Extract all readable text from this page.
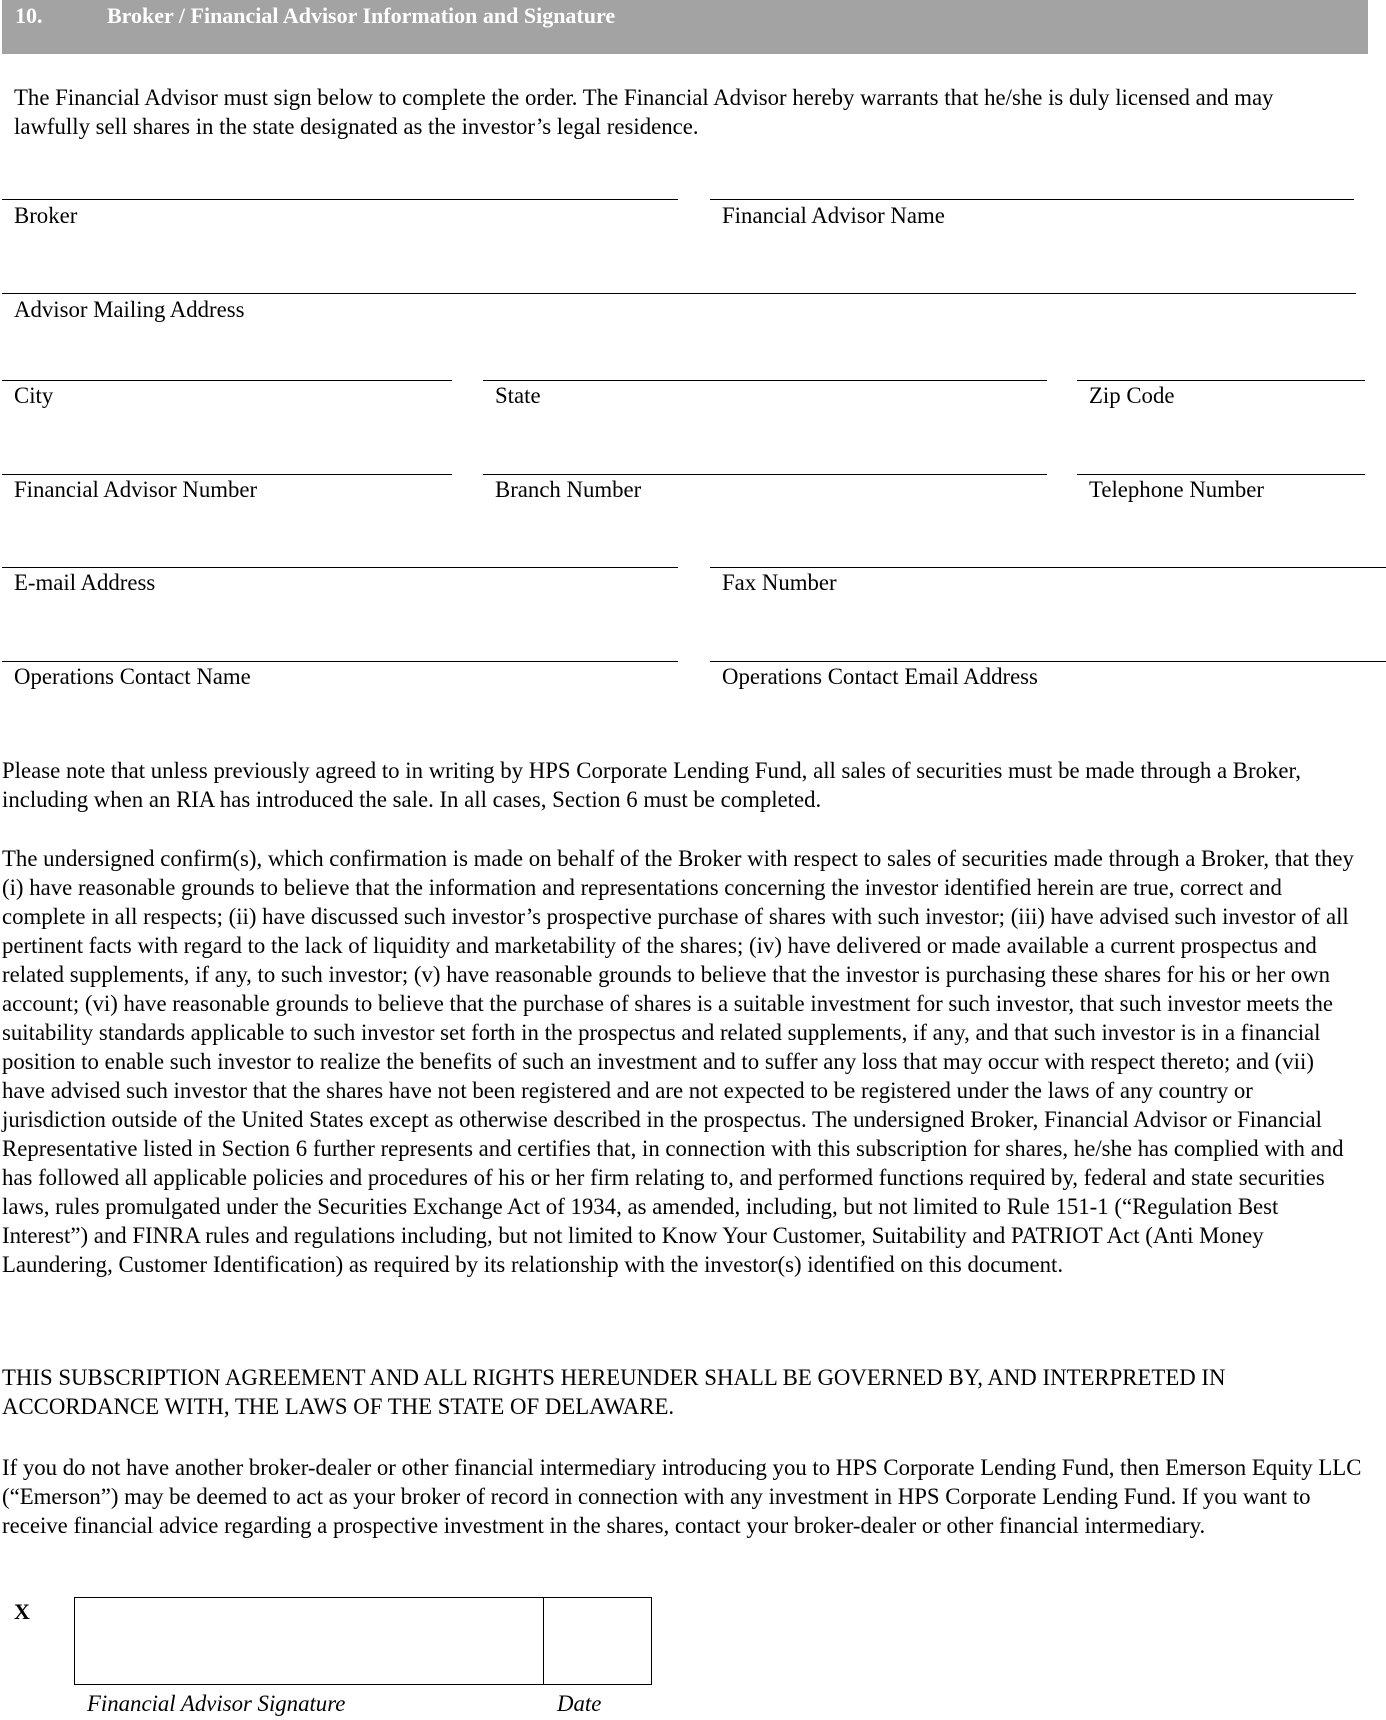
10.	Broker / Financial Advisor Information and Signature

The Financial Advisor must sign below to complete the order. The Financial Advisor hereby warrants that he/she is duly licensed and may lawfully sell shares in the state designated as the investor’s legal residence.

Broker	Financial Advisor Name
Advisor Mailing Address
City	State	Zip Code
Financial Advisor Number	Branch Number	Telephone Number
E-mail Address	Fax Number
Operations Contact Name	Operations Contact Email Address

Please note that unless previously agreed to in writing by HPS Corporate Lending Fund, all sales of securities must be made through a Broker, including when an RIA has introduced the sale. In all cases, Section 6 must be completed.

The undersigned confirm(s), which confirmation is made on behalf of the Broker with respect to sales of securities made through a Broker, that they (i) have reasonable grounds to believe that the information and representations concerning the investor identified herein are true, correct and complete in all respects; (ii) have discussed such investor’s prospective purchase of shares with such investor; (iii) have advised such investor of all pertinent facts with regard to the lack of liquidity and marketability of the shares; (iv) have delivered or made available a current prospectus and related supplements, if any, to such investor; (v) have reasonable grounds to believe that the investor is purchasing these shares for his or her own account; (vi) have reasonable grounds to believe that the purchase of shares is a suitable investment for such investor, that such investor meets the suitability standards applicable to such investor set forth in the prospectus and related supplements, if any, and that such investor is in a financial position to enable such investor to realize the benefits of such an investment and to suffer any loss that may occur with respect thereto; and (vii) have advised such investor that the shares have not been registered and are not expected to be registered under the laws of any country or jurisdiction outside of the United States except as otherwise described in the prospectus. The undersigned Broker, Financial Advisor or Financial Representative listed in Section 6 further represents and certifies that, in connection with this subscription for shares, he/she has complied with and has followed all applicable policies and procedures of his or her firm relating to, and performed functions required by, federal and state securities laws, rules promulgated under the Securities Exchange Act of 1934, as amended, including, but not limited to Rule 151-1 (“Regulation Best Interest”) and FINRA rules and regulations including, but not limited to Know Your Customer, Suitability and PATRIOT Act (Anti Money Laundering, Customer Identification) as required by its relationship with the investor(s) identified on this document.

THIS SUBSCRIPTION AGREEMENT AND ALL RIGHTS HEREUNDER SHALL BE GOVERNED BY, AND INTERPRETED IN ACCORDANCE WITH, THE LAWS OF THE STATE OF DELAWARE.

If you do not have another broker-dealer or other financial intermediary introducing you to HPS Corporate Lending Fund, then Emerson Equity LLC (“Emerson”) may be deemed to act as your broker of record in connection with any investment in HPS Corporate Lending Fund. If you want to receive financial advice regarding a prospective investment in the shares, contact your broker-dealer or other financial intermediary.

X
Financial Advisor Signature	Date
